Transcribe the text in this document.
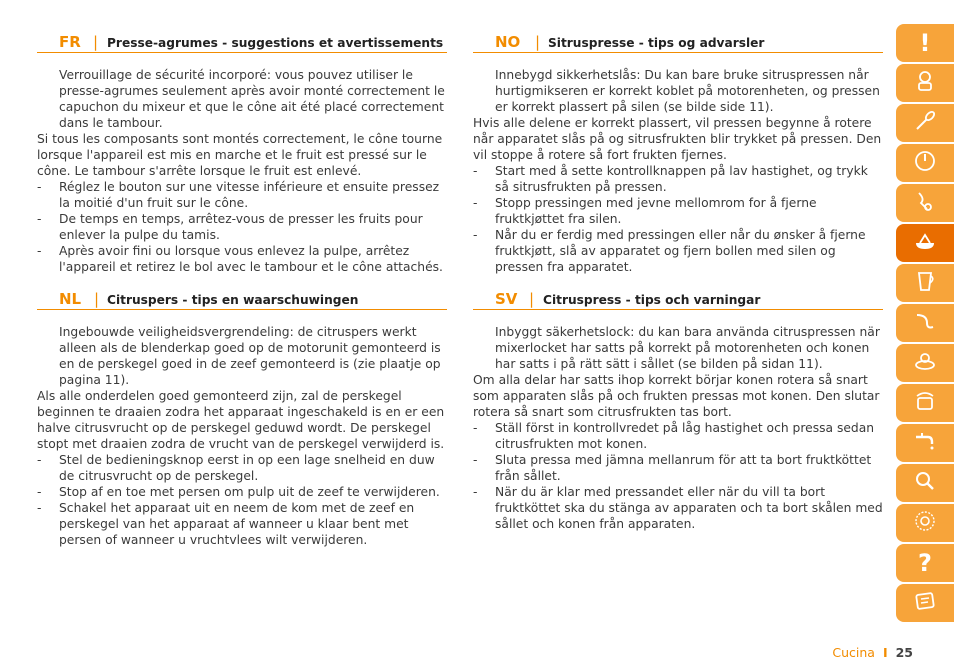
FR | Presse-agrumes - suggestions et avertissements

Verrouillage de sécurité incorporé: vous pouvez utiliser le presse-agrumes seulement après avoir monté correctement le capuchon du mixeur et que le cône ait été placé correctement dans le tambour.

Si tous les composants sont montés correctement, le cône tourne lorsque l'appareil est mis en marche et le fruit est pressé sur le cône. Le tambour s'arrête lorsque le fruit est enlevé.

- Réglez le bouton sur une vitesse inférieure et ensuite pressez la moitié d'un fruit sur le cône.
- De temps en temps, arrêtez-vous de presser les fruits pour enlever la pulpe du tamis.
- Après avoir fini ou lorsque vous enlevez la pulpe, arrêtez l'appareil et retirez le bol avec le tambour et le cône attachés.
NL | Citruspers - tips en waarschuwingen

Ingebouwde veiligheidsvergrendeling: de citruspers werkt alleen als de blenderkap goed op de motorunit gemonteerd is en de perskegel goed in de zeef gemonteerd is (zie plaatje op pagina 11).

Als alle onderdelen goed gemonteerd zijn, zal de perskegel beginnen te draaien zodra het apparaat ingeschakeld is en er een halve citrusvrucht op de perskegel geduwd wordt. De perskegel stopt met draaien zodra de vrucht van de perskegel verwijderd is.

- Stel de bedieningsknop eerst in op een lage snelheid en duw de citrusvrucht op de perskegel.
- Stop af en toe met persen om pulp uit de zeef te verwijderen.
- Schakel het apparaat uit en neem de kom met de zeef en perskegel van het apparaat af wanneer u klaar bent met persen of wanneer u vruchtvlees wilt verwijderen.
NO | Sitruspresse - tips og advarsler

Innebygd sikkerhetslås: Du kan bare bruke sitruspressen når hurtigmikseren er korrekt koblet på motorenheten, og pressen er korrekt plassert på silen (se bilde side 11).

Hvis alle delene er korrekt plassert, vil pressen begynne å rotere når apparatet slås på og sitrusfrukten blir trykket på pressen. Den vil stoppe å rotere så fort frukten fjernes.

- Start med å sette kontrollknappen på lav hastighet, og trykk så sitrusfrukten på pressen.
- Stopp pressingen med jevne mellomrom for å fjerne fruktkjøttet fra silen.
- Når du er ferdig med pressingen eller når du ønsker å fjerne fruktkjøtt, slå av apparatet og fjern bollen med silen og pressen fra apparatet.
SV | Citruspress - tips och varningar

Inbyggt säkerhetslock: du kan bara använda citruspressen när mixerlocket har satts på korrekt på motorenheten och konen har satts i på rätt sätt i sållet (se bilden på sidan 11).

Om alla delar har satts ihop korrekt börjar konen rotera så snart som apparaten slås på och frukten pressas mot konen. Den slutar rotera så snart som citrusfrukten tas bort.

- Ställ först in kontrollvredet på låg hastighet och pressa sedan citrusfrukten mot konen.
- Sluta pressa med jämna mellanrum för att ta bort fruktköttet från sållet.
- När du är klar med pressandet eller när du vill ta bort fruktköttet ska du stänga av apparaten och ta bort skålen med sållet och konen från apparaten.
!
?
Cucina I 25
